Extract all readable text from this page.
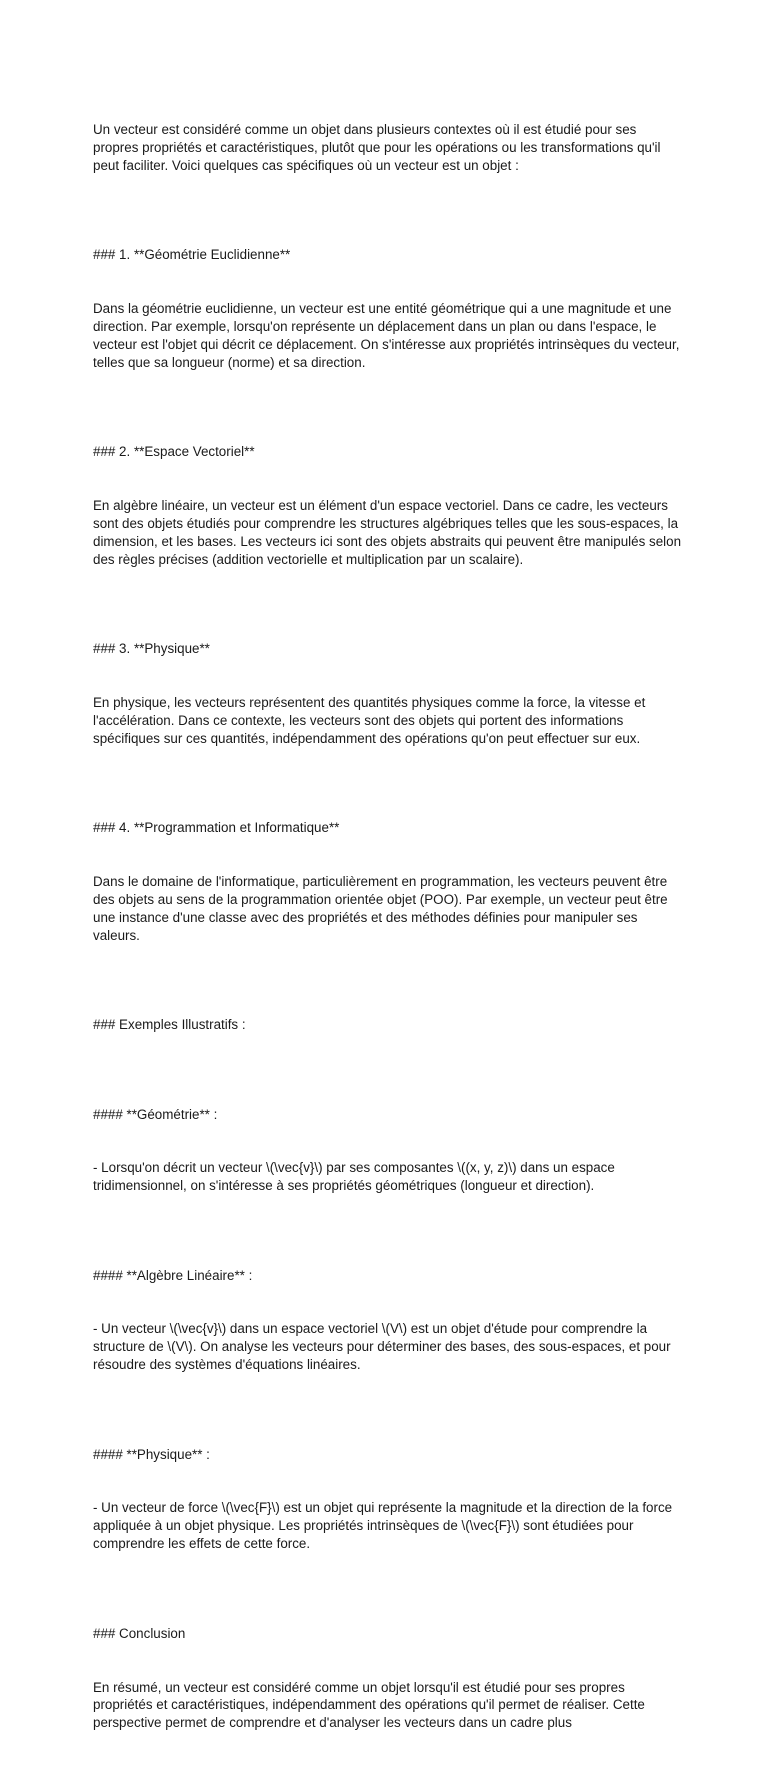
Un vecteur est considéré comme un objet dans plusieurs contextes où il est étudié pour ses propres propriétés et caractéristiques, plutôt que pour les opérations ou les transformations qu'il peut faciliter. Voici quelques cas spécifiques où un vecteur est un objet :

### 1. **Géométrie Euclidienne**

Dans la géométrie euclidienne, un vecteur est une entité géométrique qui a une magnitude et une direction. Par exemple, lorsqu'on représente un déplacement dans un plan ou dans l'espace, le vecteur est l'objet qui décrit ce déplacement. On s'intéresse aux propriétés intrinsèques du vecteur, telles que sa longueur (norme) et sa direction.

### 2. **Espace Vectoriel**

En algèbre linéaire, un vecteur est un élément d'un espace vectoriel. Dans ce cadre, les vecteurs sont des objets étudiés pour comprendre les structures algébriques telles que les sous-espaces, la dimension, et les bases. Les vecteurs ici sont des objets abstraits qui peuvent être manipulés selon des règles précises (addition vectorielle et multiplication par un scalaire).

### 3. **Physique**

En physique, les vecteurs représentent des quantités physiques comme la force, la vitesse et l'accélération. Dans ce contexte, les vecteurs sont des objets qui portent des informations spécifiques sur ces quantités, indépendamment des opérations qu'on peut effectuer sur eux.

### 4. **Programmation et Informatique**

Dans le domaine de l'informatique, particulièrement en programmation, les vecteurs peuvent être des objets au sens de la programmation orientée objet (POO). Par exemple, un vecteur peut être une instance d'une classe avec des propriétés et des méthodes définies pour manipuler ses valeurs.

### Exemples Illustratifs :

#### **Géométrie** :

- Lorsqu'on décrit un vecteur \(\vec{v}\) par ses composantes \((x, y, z)\) dans un espace tridimensionnel, on s'intéresse à ses propriétés géométriques (longueur et direction).

#### **Algèbre Linéaire** :

- Un vecteur \(\vec{v}\) dans un espace vectoriel \(V\) est un objet d'étude pour comprendre la structure de \(V\). On analyse les vecteurs pour déterminer des bases, des sous-espaces, et pour résoudre des systèmes d'équations linéaires.

#### **Physique** :

- Un vecteur de force \(\vec{F}\) est un objet qui représente la magnitude et la direction de la force appliquée à un objet physique. Les propriétés intrinsèques de \(\vec{F}\) sont étudiées pour comprendre les effets de cette force.

### Conclusion

En résumé, un vecteur est considéré comme un objet lorsqu'il est étudié pour ses propres propriétés et caractéristiques, indépendamment des opérations qu'il permet de réaliser. Cette perspective permet de comprendre et d'analyser les vecteurs dans un cadre plus
